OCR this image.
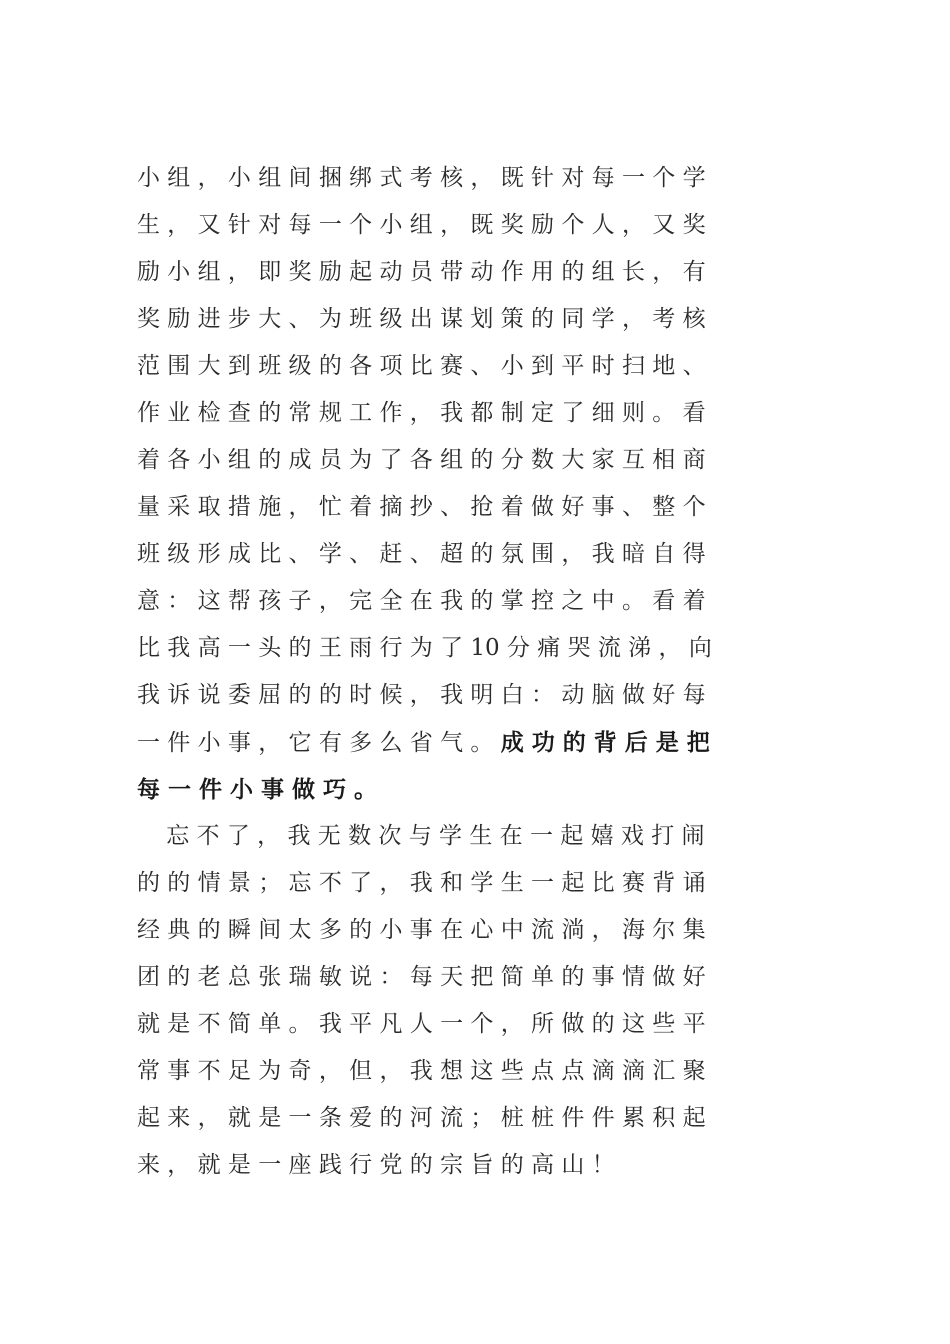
小 组 ， 小 组 间 捆 绑 式 考 核 ， 既 针 对 每 一 个 学
生 ， 又 针 对 每 一 个 小 组 ， 既 奖 励 个 人 ， 又 奖
励 小 组 ， 即 奖 励 起 动 员 带 动 作 用 的 组 长 ， 有
奖 励 进 步 大 、 为 班 级 出 谋 划 策 的 同 学 ， 考 核
范 围 大 到 班 级 的 各 项 比 赛 、 小 到 平 时 扫 地 、
作 业 检 查 的 常 规 工 作 ， 我 都 制 定 了 细 则 。 看
着 各 小 组 的 成 员 为 了 各 组 的 分 数 大 家 互 相 商
量 采 取 措 施 ， 忙 着 摘 抄 、 抢 着 做 好 事 、 整 个
班 级 形 成 比 、 学 、 赶 、 超 的 氛 围 ， 我 暗 自 得
意 ： 这 帮 孩 子 ， 完 全 在 我 的 掌 控 之 中 。 看 着
比 我 高 一 头 的 王 雨 行 为 了 10 分 痛 哭 流 涕 ， 向
我 诉 说 委 屈 的 的 时 候 ， 我 明 白 ： 动 脑 做 好 每
一 件 小 事 ， 它 有 多 么 省 气 。 成 功 的 背 后 是 把
每 一 件 小 事 做 巧 。
忘 不 了 ， 我 无 数 次 与 学 生 在 一 起 嬉 戏 打 闹
的 的 情 景 ； 忘 不 了 ， 我 和 学 生 一 起 比 赛 背 诵
经 典 的 瞬 间 太 多 的 小 事 在 心 中 流 淌 ， 海 尔 集
团 的 老 总 张 瑞 敏 说 ： 每 天 把 简 单 的 事 情 做 好
就 是 不 简 单 。 我 平 凡 人 一 个 ， 所 做 的 这 些 平
常 事 不 足 为 奇 ， 但 ， 我 想 这 些 点 点 滴 滴 汇 聚
起 来 ， 就 是 一 条 爱 的 河 流 ； 桩 桩 件 件 累 积 起
来 ， 就 是 一 座 践 行 党 的 宗 旨 的 高 山 ！
